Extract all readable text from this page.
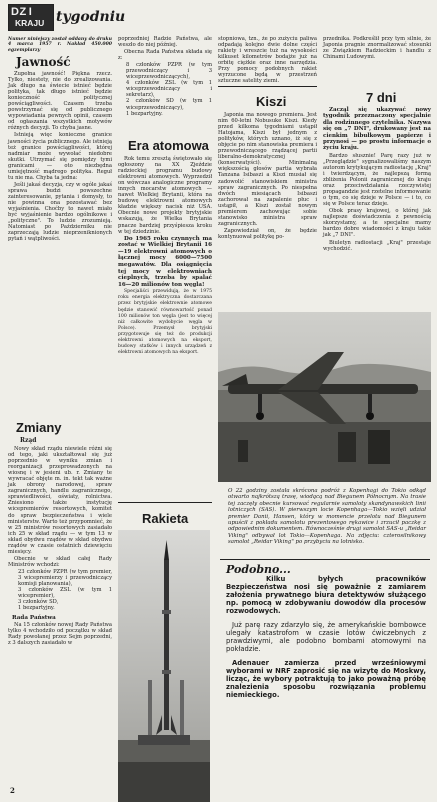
DZ I
KRAJU tygodniu
Numer niniejszy został oddany do druku 4 marca 1957 r. Nakład 450.000 egzemplarzy
Jawność

Zupełna jawność! Piękna rzecz. Tylko, niestety, nie do zrealizowania. Jak długo na świecie istnieć będzie polityka, tak długo istnieć będzie konieczność politycznej powściągliwości. Czasem trzeba powstrzymać się od publicznego wypowiadania pewnych opinii, czasem od ogłaszania wszystkich motywów różnych decyzji. To chyba jasne.

Istnieją więc konieczne granice jawności życia publicznego. Ale istnieją też granice powściągliwości, której nadmiar może wywołać niedobre skutki. Utrzymać się pomiędzy tymi granicami — oto niezbędna umiejętność mądrego polityka. Reguł tu nie ma. Chyba ta jedna:

Jeśli jakaś decyzja, czy w ogóle jakaś sprawa budzi powszechne zainteresowanie, pytania i domysły, to nie powinna ona pozostawać bez wyjaśnienia. Choćby to nawet miało być wyjaśnienie bardzo ogólnikowe i „polityczne". To ludzie zrozumieją. Natomiast po Październiku nie zaprzeczają ludzie nieprzeniknionych pytań i wątpliwości.

Zmiany
Rząd

Nowy skład rządu niewiele różni się od tego, jaki ukształtował się już poprzednio w wyniku zmian i reorganizacji przeprowadzonych na wiosnę i w jesieni ub. r. Zmiany te wywracać objęte m. in. tekt tak ważne jak obrony narodowej, spraw zagranicznych, handlu zagranicznego, sprawiedliwości, oświaty, rolnictwa. Zniesiono także instytucję wicepremierów resortowych, komitet do spraw bezpieczeństwa i wiele ministerstw. Warto też przypomnieć, że w 25 ministrów resortowych zasiadało ich 25 w skład rządu — w tym 13 w skład obydwu rządów w skład obydwu rządów w czasie ostatnich dziewięciu miesięcy.

Obecnie w skład całej Rady Ministrów wchodzi:

23 członków PZPR (w tym premier, 3 wicepremierzy i przewodniczący komisji planowania),
3 członków ZSL (w tym 1 wicepremier),
3 członków SD,
1 bezpartyjny.
Rada Państwa

Na 15 członków nowej Rady Państwa tylko 4 wchodziło od początku w skład Rady powołanej przez Sejm poprzedni, z 3 dalszych zasiadało w

poprzedniej Radzie Państwa, ale weszło do niej później.

Obecna Rada Państwa składa się z:

8 członków PZPR (w tym przewodniczący i 3 wiceprzewodniczących),
4 członków ZSL (w tym 1 wiceprzewodniczący i sekretarz),
2 członków SD (w tym 1 wiceprzewodniczący),
1 bezpartyjny.
Era atomowa

Rok temu zresztą świętowało się ogłoszony na XX Zjeździe radzieckiej programu budowy elektrowni atomowych. Wyprzedził on wówczas analogiczne programy innych mocarstw atomowych — nawet Wielkiej Brytanii, która na budowę elektrowni atomowych kładzie większy nacisk niż USA. Obecnie nowe projekty brytyjskie wskazują, że Wielka Brytania pnacze bardziej przyśpiesza kroku w tej dziedzinie.

Do 1965 roku czynnych ma zostać w Wielkiej Brytanii 16—19 elektrowni atomowych o łącznej mocy 6000—7500 megawatów. Dla osiągnięcia tej mocy w elektrowniach cieplnych, trzeba by spalać 16—20 milionów ton węgla!

Specjaliści przewidują, że w 1975 roku energia elektryczna dostarczana przez brytyjskie elektrownie atomowe będzie stanowić równowartość ponad 100 milionów ton węgla (jest to więcej niż całkowite wydobycie węgla w Polsce). Przemysł brytyjski przygotowuje się też do produkcji elektrowni atomowych na eksport, budowy statków i innych urządzeń z elektrowni atomowych na eksport.

Rakieta

stopniowa, tzn., że po zużyciu paliwa odpadają kolejno dwie dolne części rakiety i wreszcie tuż na wysokości kilkuset kilometrów bodajże już na orbitę ciężkie oraz inne narzędzia. Przy pomocy podobnych rakiet wyrzucone będą w przestrzeń sztuczne satelity ziemi.

Kiszi

Japonia ma nowego premiera. Jest nim 60-letni Nobusuke Kiszi. Kiedy przed kilkoma tygodniami ustąpił Hatojama, Kiszi był jednym z polityków, których uznano, iż się z objęcie po nim stanowiska premiera i przewodniczącego rządzącej partii liberalno-demokratycznej (konserwatyści). Minimalną większością głosów partia wybrała Tanzana Isibaszi a Kiszi musiał się zadowolić stanowiskiem ministra spraw zagranicznych. Po niespełna dwóch miesiącach Isibaszi zachorował na zapalenie płuc i ustąpił, a Kiszi został nowym premierem zachowując sobie stanowisko ministra spraw zagranicznych.

Zapowiedział on, że będzie kontynuował politykę po-

przednika. Podkreślił przy tym silnie, że Japonia pragnie znormalizować stosunki ze Związkiem Radzieckim i handlu z Chinami Ludowymi.

7 dni

Zacząl się ukazywać nowy tygodnik przeznaczony specjalnie dla rodzinnego czytelnika. Nazywa się on „7 DNI", drukowany jest na cienkim bibułkowym papierze i przynosi — po prostu informacje o życiu kraju.

Bardzo słusznie! Parę razy już w „Przeglądzie" sygnalizowaliśmy naszym autorom krytykującym radiostację „Kraj" i twierdzącym, że najlepszą formą zbliżenia Polonii zagranicznej do kraju oraz przeciwdziałania rzeczywistej propagandzie jest rzetelne informowanie o tym, co się dzieje w Polsce — i to, co się w Polsce teraz dzieje.

Obok prasy krajowej, o której jak najlepsze doświadczenia z pewnością skorzystamy, a te specjalne mamy bardzo dobre wiadomości z kraju takie jak „7 DNI".

Biuletyn radiostacji „Kraj" przestaje wychodzić.

O 22 godziny została skrócona podróż z Kopenhagi do Tokio odkąd otwarto najkrótszą trasę, wiodącą nad Biegunem Północnym. Na trasie tej zaczęły obecnie kursować regularnie samoloty skandynawskich linii lotniczych (SAS). W pierwszym locie Kopenhaga—Tokio wzięli udział premier Danii, Hansen, który w momencie przelotu nad Biegunem upuścił z pokładu samolotu prezentowego rękawice i zrzucił paczkę z odpowiednim dokumentem. Równocześnie drugi samolot SAS-u „Reidar Viking" odbywał lot Tokio—Kopenhaga. Na zdjęciu: czterosilnikowy samolot „Reidar Viking" po przybyciu na lotnisko.
Podobno...

Kilku byłych pracowników Bezpieczeństwa nosi się poważnie z zamiarem założenia prywatnego biura detektywów służącego np. pomocą w zdobywaniu dowodów dla procesów rozwodowych.

Już parę razy zdarzyło się, że amerykańskie bombowce ulegały katastrofom w czasie lotów ćwiczebnych z prawdziwymi, ale podobno bombami atomowymi na pokładzie.

Adenauer zamierza przed wrześniowymi wyborami w NRF zaprosić się na wizytę do Moskwy, licząc, że wybory potraktują to jako poważną próbę znalezienia sposobu rozwiązania problemu niemieckiego.

2
